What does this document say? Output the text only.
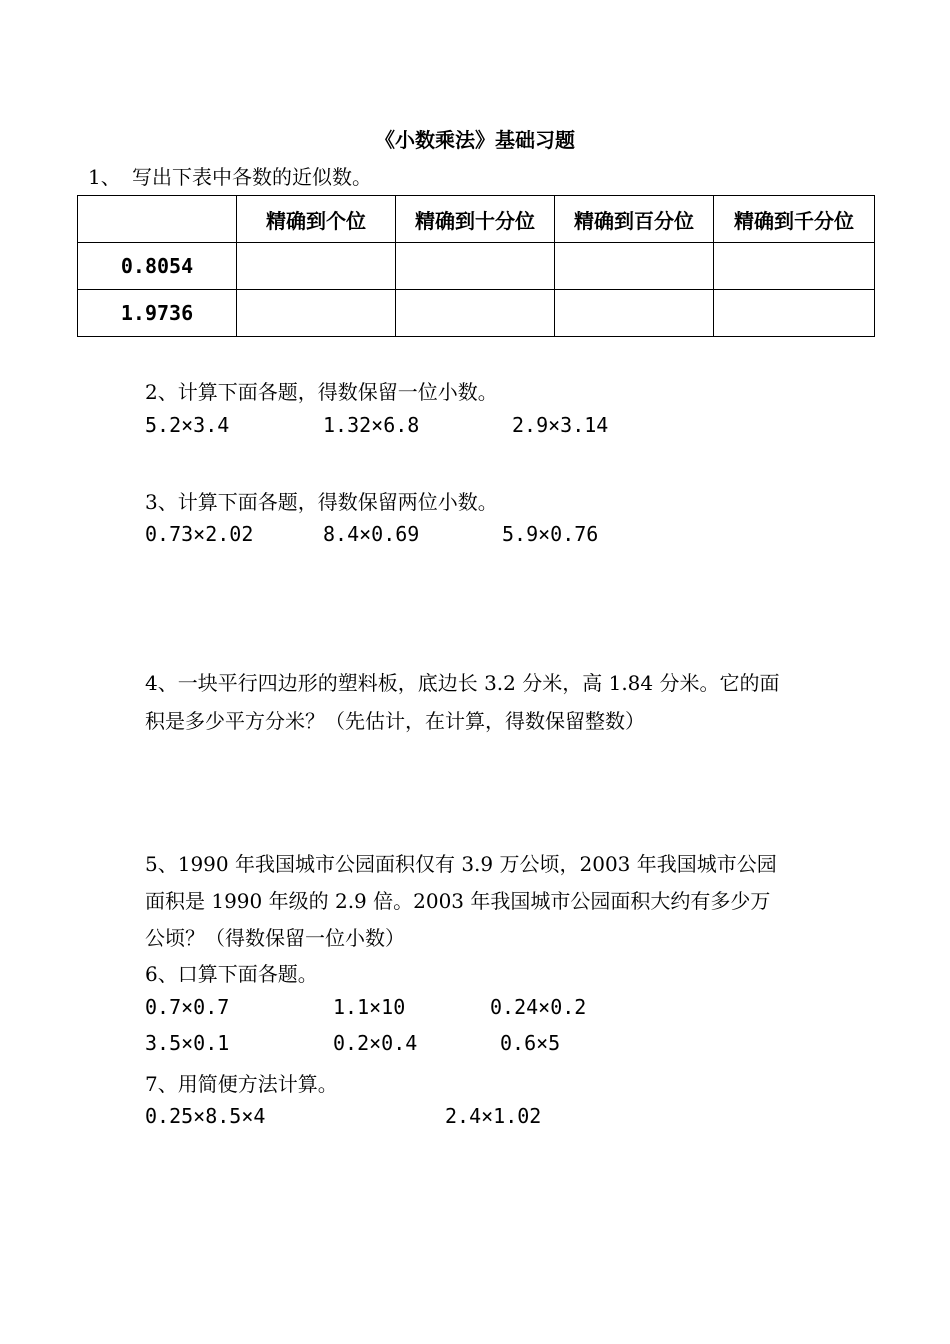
《小数乘法》基础习题
1、 写出下表中各数的近似数。
	精确到个位	精确到十分位	精确到百分位	精确到千分位
0.8054				
1.9736				
2、计算下面各题，得数保留一位小数。
5.2×3.4	1.32×6.8	2.9×3.14
3、计算下面各题，得数保留两位小数。
0.73×2.02	8.4×0.69	5.9×0.76
4、一块平行四边形的塑料板，底边长 3.2 分米，高 1.84 分米。它的面
积是多少平方分米？（先估计，在计算，得数保留整数）
5、1990 年我国城市公园面积仅有 3.9 万公顷，2003 年我国城市公园
面积是 1990 年级的 2.9 倍。2003 年我国城市公园面积大约有多少万
公顷？（得数保留一位小数）
6、口算下面各题。
0.7×0.7	1.1×10	0.24×0.2
3.5×0.1	0.2×0.4	0.6×5
7、用简便方法计算。
0.25×8.5×4	2.4×1.02
